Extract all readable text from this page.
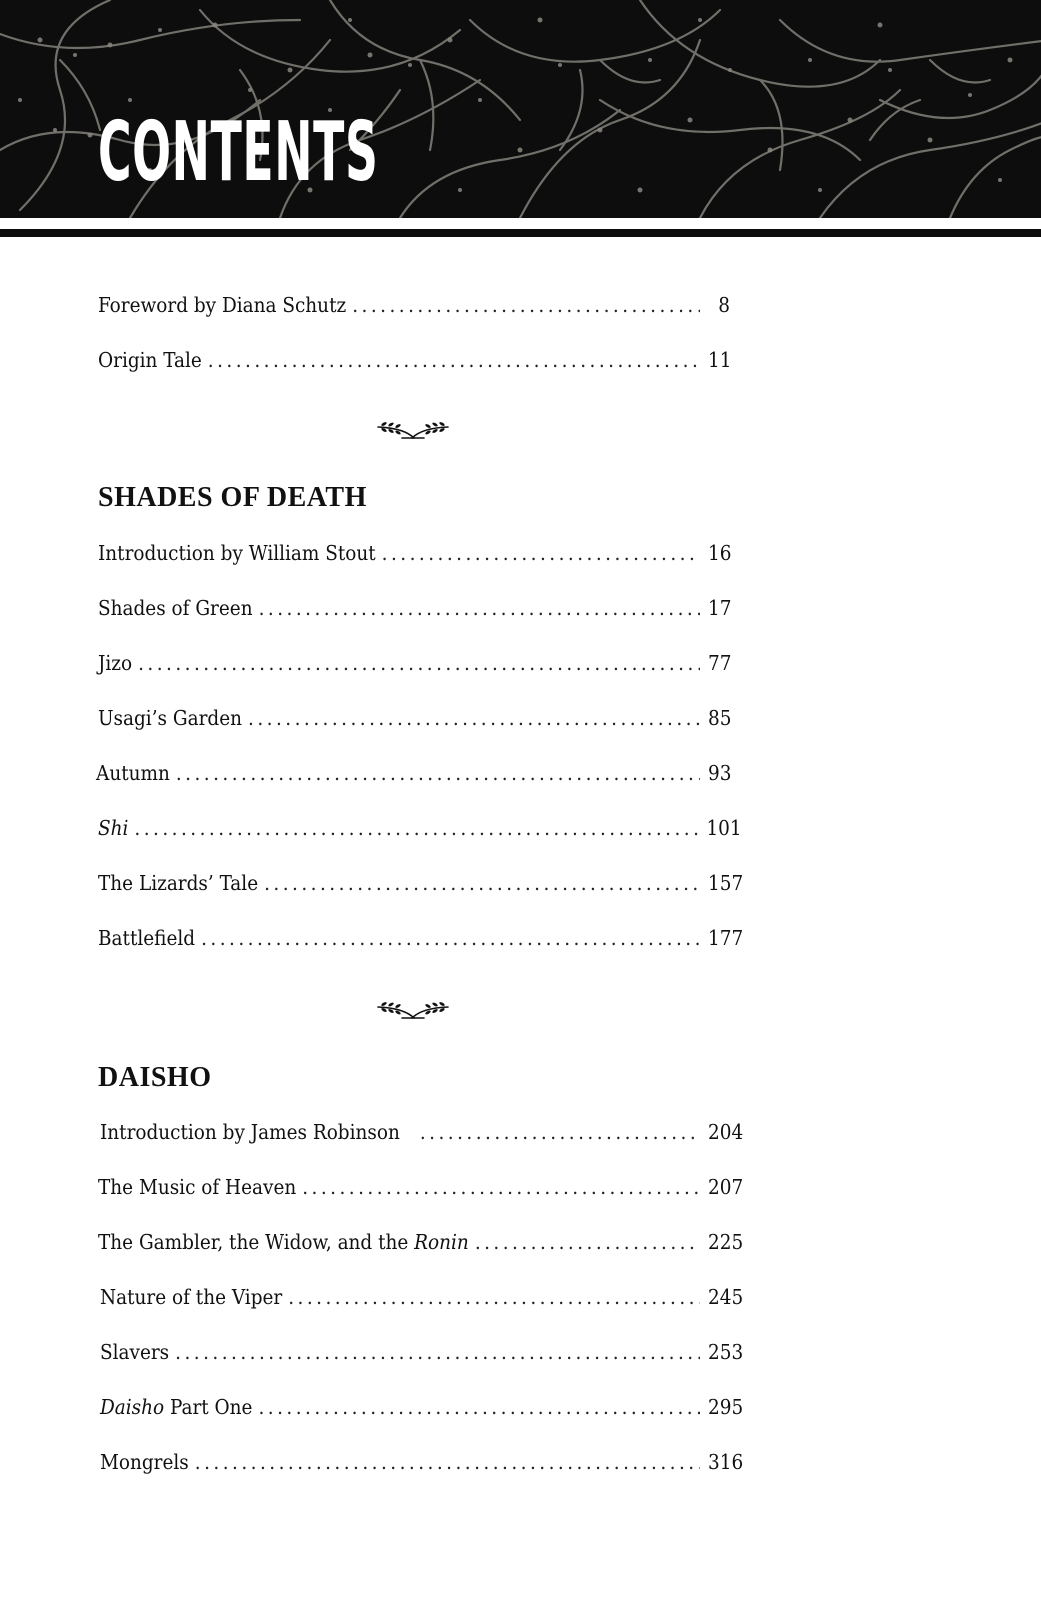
CONTENTS
Foreword by Diana Schutz . . .	8
Origin Tale . . .	11
SHADES OF DEATH
Introduction by William Stout . . .	16
Shades of Green . . .	17
Jizo . . .	77
Usagi’s Garden . . .	85
Autumn . . .	93
Shi . . .	101
The Lizards’ Tale . . .	157
Battlefield . . .	177
DAISHO
Introduction by James Robinson . . .	204
The Music of Heaven . . .	207
The Gambler, the Widow, and the Ronin . . .	225
Nature of the Viper . . .	245
Slavers . . .	253
Daisho Part One . . .	295
Mongrels . . .	316
